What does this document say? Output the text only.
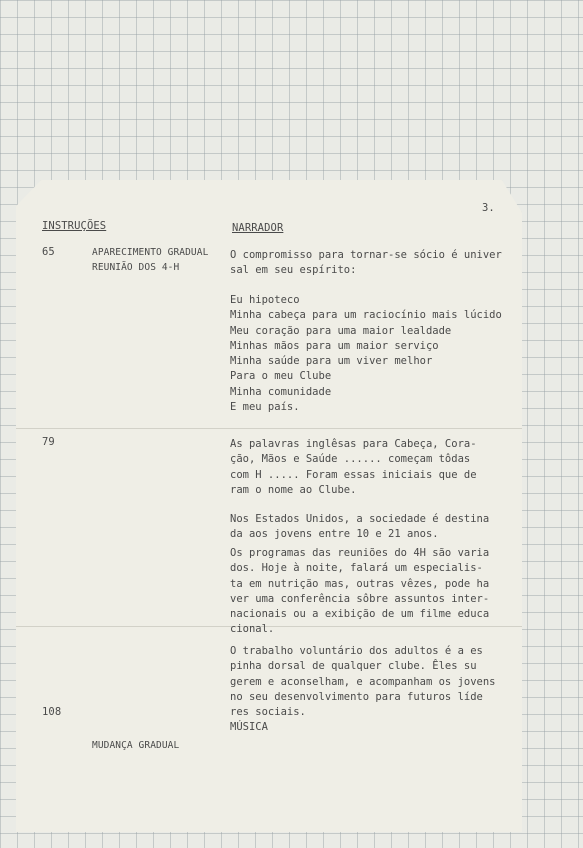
3.
INSTRUÇÕES	NARRADOR
65	APARECIMENTO GRADUAL
REUNIÃO DOS 4-H
79
108
MUDANÇA GRADUAL
O compromisso para tornar-se sócio é univer
sal em seu espírito:
Eu hipoteco
Minha cabeça para um raciocínio mais lúcido
Meu coração para uma maior lealdade
Minhas mãos para um maior serviço
Minha saúde para um viver melhor
Para o meu Clube
Minha comunidade
E meu país.
As palavras inglêsas para Cabeça, Cora-
ção, Mãos e Saúde ...... começam tôdas
com H ..... Foram essas iniciais que de
ram o nome ao Clube.
Nos Estados Unidos, a sociedade é destina
da aos jovens entre 10 e 21 anos.
Os programas das reuniões do 4H são varia
dos. Hoje à noite, falará um especialis-
ta em nutrição mas, outras vêzes, pode ha
ver uma conferência sôbre assuntos inter-
nacionais ou a exibição de um filme educa
cional.
O trabalho voluntário dos adultos é a es
pinha dorsal de qualquer clube. Êles su
gerem e aconselham, e acompanham os jovens
no seu desenvolvimento para futuros líde
res sociais.
MÚSICA
